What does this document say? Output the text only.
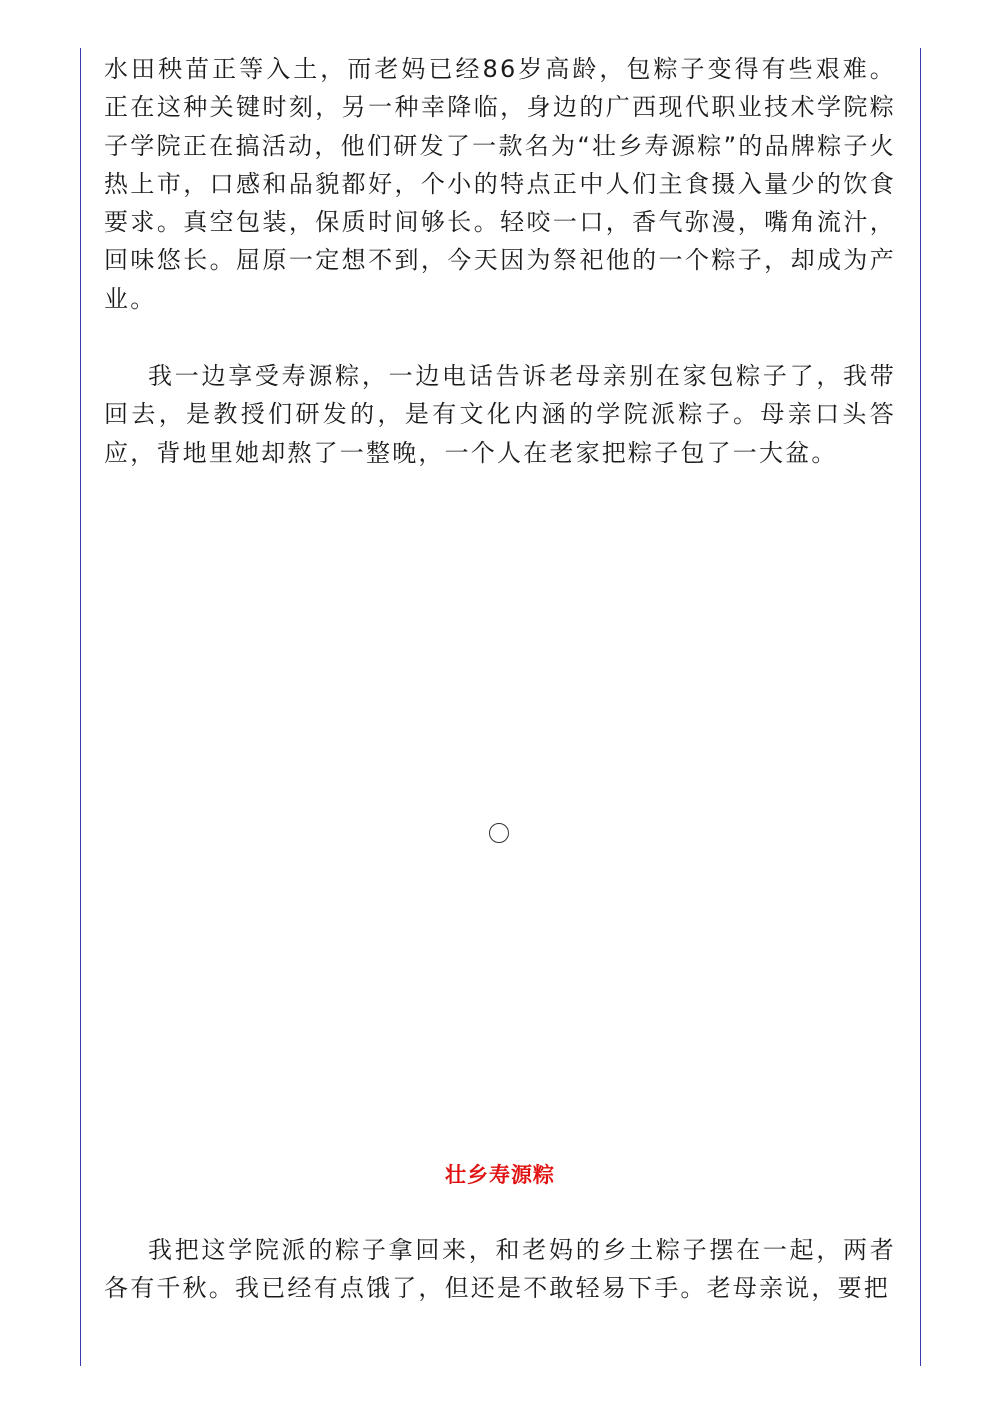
水田秧苗正等入土，而老妈已经86岁高龄，包粽子变得有些艰难。正在这种关键时刻，另一种幸降临，身边的广西现代职业技术学院粽子学院正在搞活动，他们研发了一款名为“壮乡寿源粽”的品牌粽子火热上市，口感和品貌都好，个小的特点正中人们主食摄入量少的饮食要求。真空包装，保质时间够长。轻咬一口，香气弥漫，嘴角流汁，回味悠长。屈原一定想不到，今天因为祭祀他的一个粽子，却成为产业。

我一边享受寿源粽，一边电话告诉老母亲别在家包粽子了，我带回去，是教授们研发的，是有文化内涵的学院派粽子。母亲口头答应，背地里她却熬了一整晚，一个人在老家把粽子包了一大盆。

我把这学院派的粽子拿回来，和老妈的乡土粽子摆在一起，两者各有千秋。我已经有点饿了，但还是不敢轻易下手。老母亲说，要把

壮乡寿源粽
